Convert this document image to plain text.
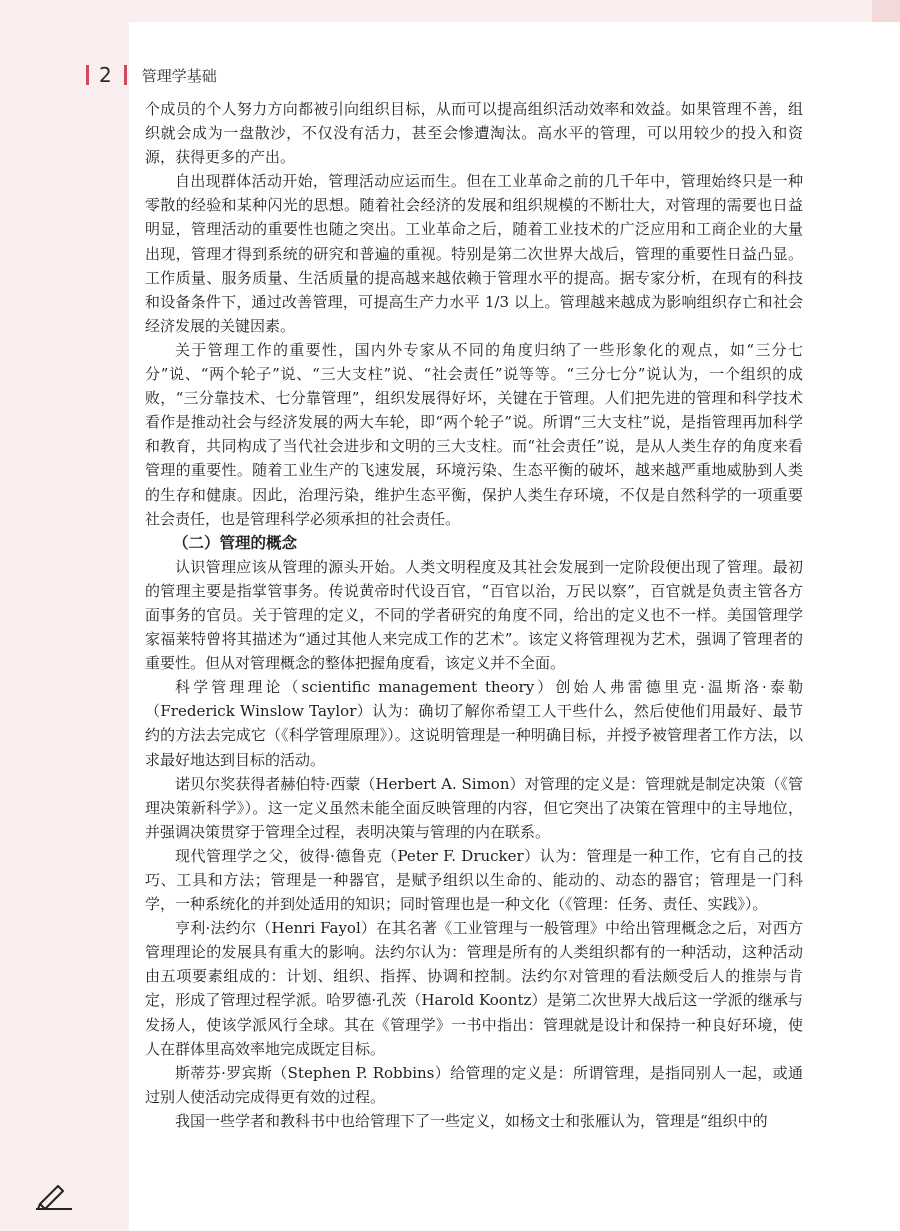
2 管理学基础

个成员的个人努力方向都被引向组织目标，从而可以提高组织活动效率和效益。如果管理不善，组织就会成为一盘散沙，不仅没有活力，甚至会惨遭淘汰。高水平的管理，可以用较少的投入和资源，获得更多的产出。

自出现群体活动开始，管理活动应运而生。但在工业革命之前的几千年中，管理始终只是一种零散的经验和某种闪光的思想。随着社会经济的发展和组织规模的不断壮大，对管理的需要也日益明显，管理活动的重要性也随之突出。工业革命之后，随着工业技术的广泛应用和工商企业的大量出现，管理才得到系统的研究和普遍的重视。特别是第二次世界大战后，管理的重要性日益凸显。工作质量、服务质量、生活质量的提高越来越依赖于管理水平的提高。据专家分析，在现有的科技和设备条件下，通过改善管理，可提高生产力水平 1/3 以上。管理越来越成为影响组织存亡和社会经济发展的关键因素。

关于管理工作的重要性，国内外专家从不同的角度归纳了一些形象化的观点，如“三分七分”说、“两个轮子”说、“三大支柱”说、“社会责任”说等等。“三分七分”说认为，一个组织的成败，“三分靠技术、七分靠管理”，组织发展得好坏，关键在于管理。人们把先进的管理和科学技术看作是推动社会与经济发展的两大车轮，即“两个轮子”说。所谓“三大支柱”说，是指管理再加科学和教育，共同构成了当代社会进步和文明的三大支柱。而“社会责任”说，是从人类生存的角度来看管理的重要性。随着工业生产的飞速发展，环境污染、生态平衡的破坏，越来越严重地威胁到人类的生存和健康。因此，治理污染，维护生态平衡，保护人类生存环境，不仅是自然科学的一项重要社会责任，也是管理科学必须承担的社会责任。

（二）管理的概念

认识管理应该从管理的源头开始。人类文明程度及其社会发展到一定阶段便出现了管理。最初的管理主要是指掌管事务。传说黄帝时代设百官，“百官以治，万民以察”，百官就是负责主管各方面事务的官员。关于管理的定义，不同的学者研究的角度不同，给出的定义也不一样。美国管理学家福莱特曾将其描述为“通过其他人来完成工作的艺术”。该定义将管理视为艺术，强调了管理者的重要性。但从对管理概念的整体把握角度看，该定义并不全面。

科学管理理论（scientific management theory）创始人弗雷德里克·温斯洛·泰勒（Frederick Winslow Taylor）认为：确切了解你希望工人干些什么，然后使他们用最好、最节约的方法去完成它（《科学管理原理》）。这说明管理是一种明确目标，并授予被管理者工作方法，以求最好地达到目标的活动。

诺贝尔奖获得者赫伯特·西蒙（Herbert A. Simon）对管理的定义是：管理就是制定决策（《管理决策新科学》）。这一定义虽然未能全面反映管理的内容，但它突出了决策在管理中的主导地位，并强调决策贯穿于管理全过程，表明决策与管理的内在联系。

现代管理学之父，彼得·德鲁克（Peter F. Drucker）认为：管理是一种工作，它有自己的技巧、工具和方法；管理是一种器官，是赋予组织以生命的、能动的、动态的器官；管理是一门科学，一种系统化的并到处适用的知识；同时管理也是一种文化（《管理：任务、责任、实践》）。

亨利·法约尔（Henri Fayol）在其名著《工业管理与一般管理》中给出管理概念之后，对西方管理理论的发展具有重大的影响。法约尔认为：管理是所有的人类组织都有的一种活动，这种活动由五项要素组成的：计划、组织、指挥、协调和控制。法约尔对管理的看法颇受后人的推崇与肯定，形成了管理过程学派。哈罗德·孔茨（Harold Koontz）是第二次世界大战后这一学派的继承与发扬人，使该学派风行全球。其在《管理学》一书中指出：管理就是设计和保持一种良好环境，使人在群体里高效率地完成既定目标。

斯蒂芬·罗宾斯（Stephen P. Robbins）给管理的定义是：所谓管理，是指同别人一起，或通过别人使活动完成得更有效的过程。

我国一些学者和教科书中也给管理下了一些定义，如杨文士和张雁认为，管理是“组织中的
